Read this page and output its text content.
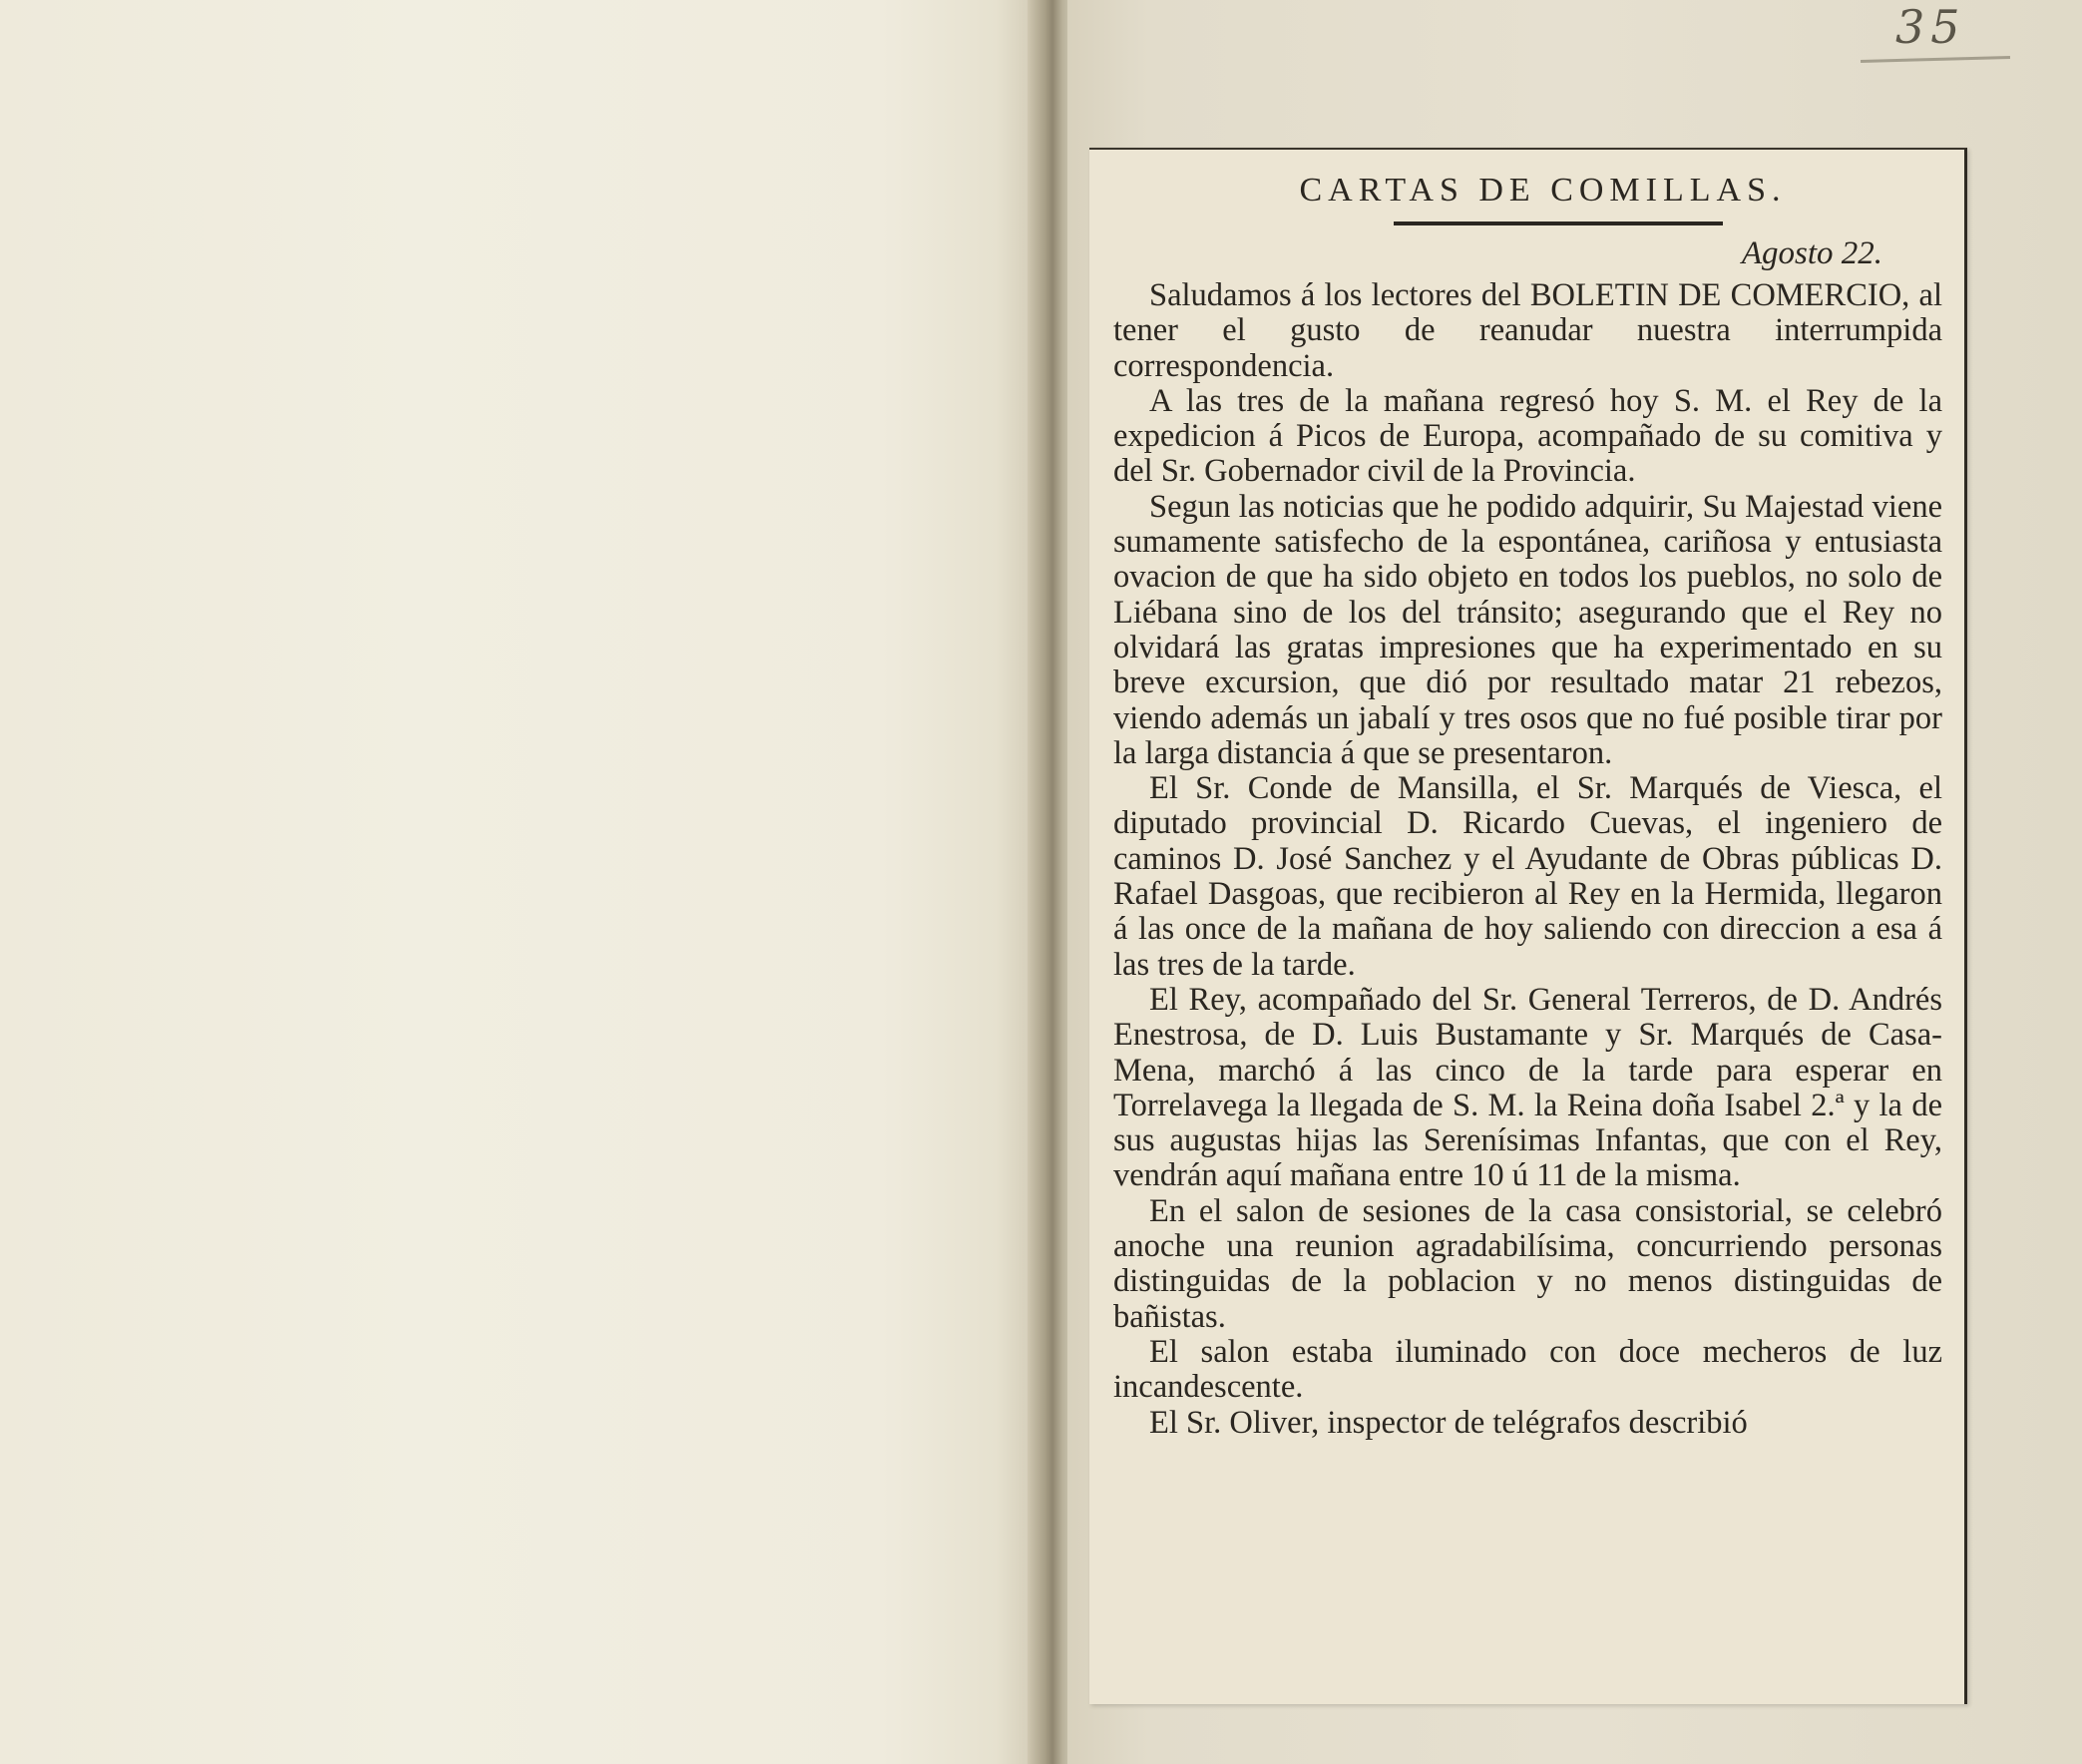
35
CARTAS DE COMILLAS.
Agosto 22.

Saludamos á los lectores del BOLETIN DE COMERCIO, al tener el gusto de reanudar nuestra interrumpida correspondencia.

A las tres de la mañana regresó hoy S. M. el Rey de la expedicion á Picos de Europa, acompañado de su comitiva y del Sr. Gobernador civil de la Provincia.

Segun las noticias que he podido adquirir, Su Majestad viene sumamente satisfecho de la espontánea, cariñosa y entusiasta ovacion de que ha sido objeto en todos los pueblos, no solo de Liébana sino de los del tránsito; asegurando que el Rey no olvidará las gratas impresiones que ha experimentado en su breve excursion, que dió por resultado matar 21 rebezos, viendo además un jabalí y tres osos que no fué posible tirar por la larga distancia á que se presentaron.

El Sr. Conde de Mansilla, el Sr. Marqués de Viesca, el diputado provincial D. Ricardo Cuevas, el ingeniero de caminos D. José Sanchez y el Ayudante de Obras públicas D. Rafael Dasgoas, que recibieron al Rey en la Hermida, llegaron á las once de la mañana de hoy saliendo con direccion a esa á las tres de la tarde.

El Rey, acompañado del Sr. General Terreros, de D. Andrés Enestrosa, de D. Luis Bustamante y Sr. Marqués de Casa-Mena, marchó á las cinco de la tarde para esperar en Torrelavega la llegada de S. M. la Reina doña Isabel 2.ª y la de sus augustas hijas las Serenísimas Infantas, que con el Rey, vendrán aquí mañana entre 10 ú 11 de la misma.

En el salon de sesiones de la casa consistorial, se celebró anoche una reunion agradabilísima, concurriendo personas distinguidas de la poblacion y no menos distinguidas de bañistas.

El salon estaba iluminado con doce mecheros de luz incandescente.

El Sr. Oliver, inspector de telégrafos describió
